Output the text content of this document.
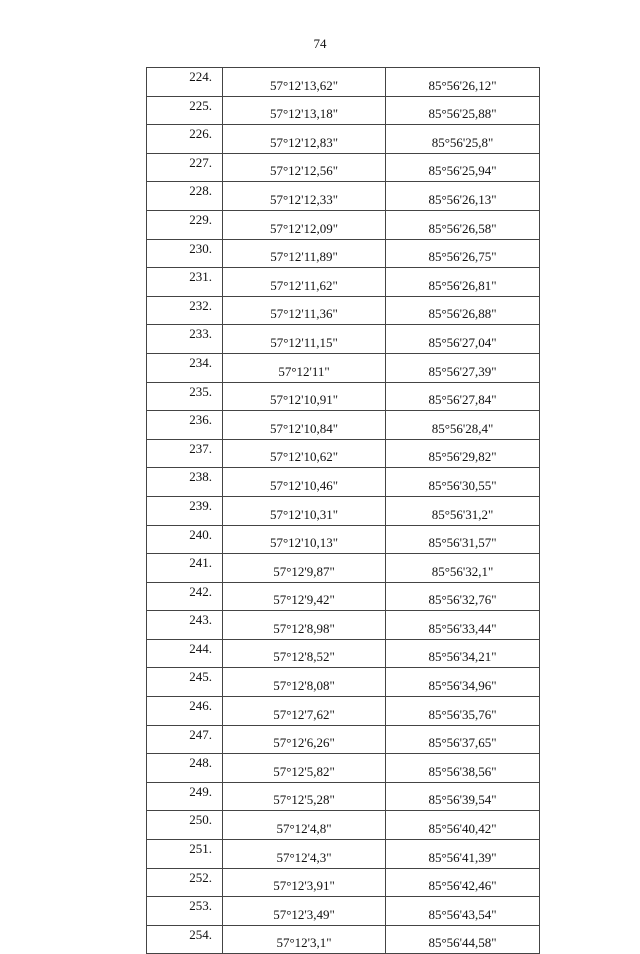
74
224.	57°12'13,62"	85°56'26,12"
225.	57°12'13,18"	85°56'25,88"
226.	57°12'12,83"	85°56'25,8"
227.	57°12'12,56"	85°56'25,94"
228.	57°12'12,33"	85°56'26,13"
229.	57°12'12,09"	85°56'26,58"
230.	57°12'11,89"	85°56'26,75"
231.	57°12'11,62"	85°56'26,81"
232.	57°12'11,36"	85°56'26,88"
233.	57°12'11,15"	85°56'27,04"
234.	57°12'11"	85°56'27,39"
235.	57°12'10,91"	85°56'27,84"
236.	57°12'10,84"	85°56'28,4"
237.	57°12'10,62"	85°56'29,82"
238.	57°12'10,46"	85°56'30,55"
239.	57°12'10,31"	85°56'31,2"
240.	57°12'10,13"	85°56'31,57"
241.	57°12'9,87"	85°56'32,1"
242.	57°12'9,42"	85°56'32,76"
243.	57°12'8,98"	85°56'33,44"
244.	57°12'8,52"	85°56'34,21"
245.	57°12'8,08"	85°56'34,96"
246.	57°12'7,62"	85°56'35,76"
247.	57°12'6,26"	85°56'37,65"
248.	57°12'5,82"	85°56'38,56"
249.	57°12'5,28"	85°56'39,54"
250.	57°12'4,8"	85°56'40,42"
251.	57°12'4,3"	85°56'41,39"
252.	57°12'3,91"	85°56'42,46"
253.	57°12'3,49"	85°56'43,54"
254.	57°12'3,1"	85°56'44,58"
